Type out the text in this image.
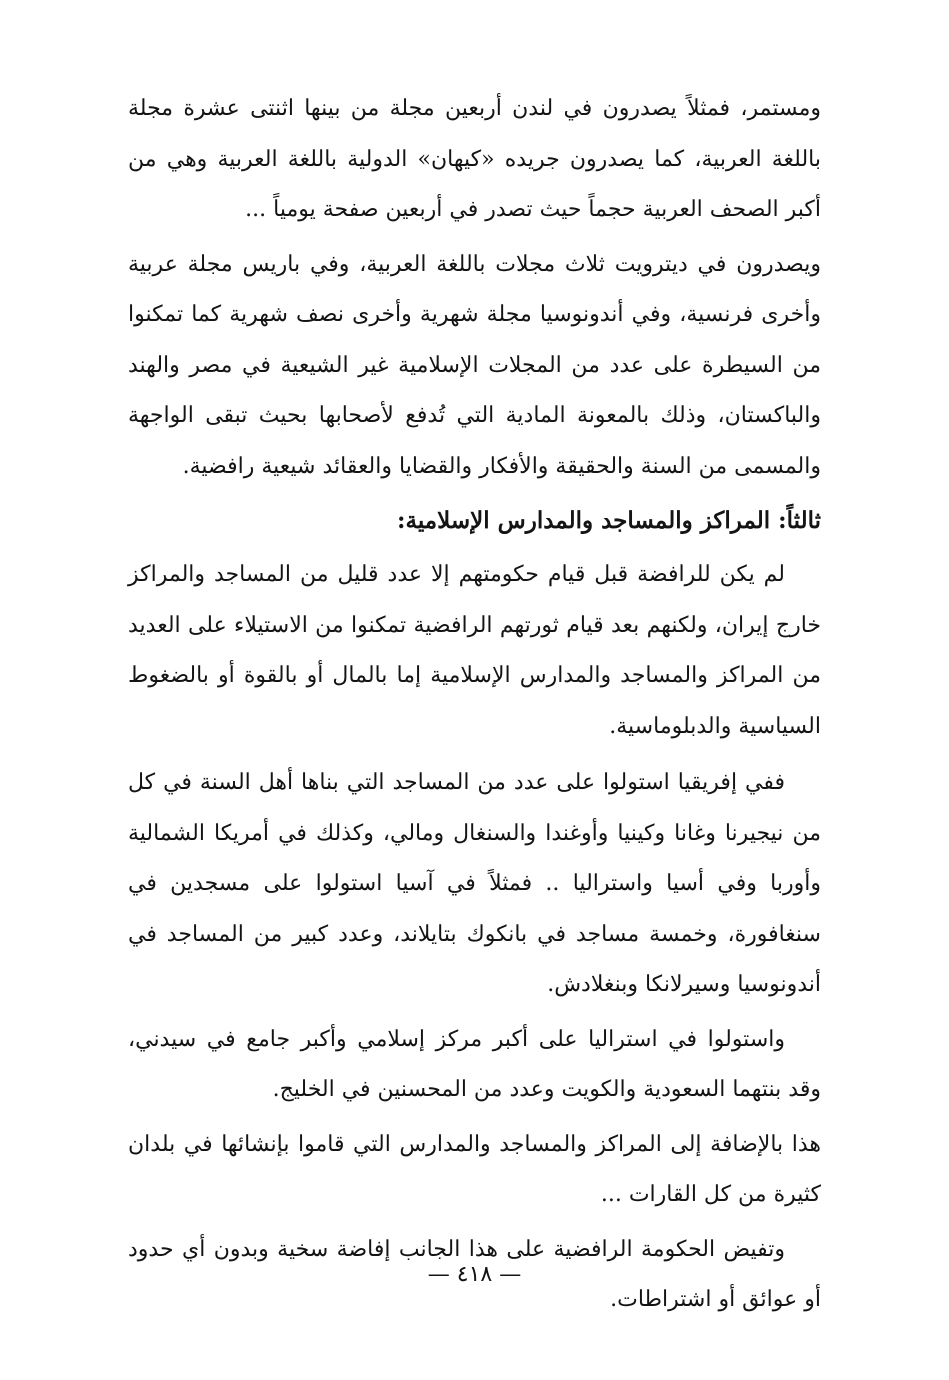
ومستمر، فمثلاً يصدرون في لندن أربعين مجلة من بينها اثنتى عشرة مجلة باللغة العربية، كما يصدرون جريده «كيهان» الدولية باللغة العربية وهي من أكبر الصحف العربية حجماً حيث تصدر في أربعين صفحة يومياً ...

ويصدرون في ديترويت ثلاث مجلات باللغة العربية، وفي باريس مجلة عربية وأخرى فرنسية، وفي أندونوسيا مجلة شهرية وأخرى نصف شهرية كما تمكنوا من السيطرة على عدد من المجلات الإسلامية غير الشيعية في مصر والهند والباكستان، وذلك بالمعونة المادية التي تُدفع لأصحابها بحيث تبقى الواجهة والمسمى من السنة والحقيقة والأفكار والقضايا والعقائد شيعية رافضية.

ثالثاً: المراكز والمساجد والمدارس الإسلامية:

لم يكن للرافضة قبل قيام حكومتهم إلا عدد قليل من المساجد والمراكز خارج إيران، ولكنهم بعد قيام ثورتهم الرافضية تمكنوا من الاستيلاء على العديد من المراكز والمساجد والمدارس الإسلامية إما بالمال أو بالقوة أو بالضغوط السياسية والدبلوماسية.

ففي إفريقيا استولوا على عدد من المساجد التي بناها أهل السنة في كل من نيجيرنا وغانا وكينيا وأوغندا والسنغال ومالي، وكذلك في أمريكا الشمالية وأوربا وفي أسيا واستراليا .. فمثلاً في آسيا استولوا على مسجدين في سنغافورة، وخمسة مساجد في بانكوك بتايلاند، وعدد كبير من المساجد في أندونوسيا وسيرلانكا وبنغلادش.

واستولوا في استراليا على أكبر مركز إسلامي وأكبر جامع في سيدني، وقد بنتهما السعودية والكويت وعدد من المحسنين في الخليج.

هذا بالإضافة إلى المراكز والمساجد والمدارس التي قاموا بإنشائها في بلدان كثيرة من كل القارات ...

وتفيض الحكومة الرافضية على هذا الجانب إفاضة سخية وبدون أي حدود أو عوائق أو اشتراطات.

— ٤١٨ —
